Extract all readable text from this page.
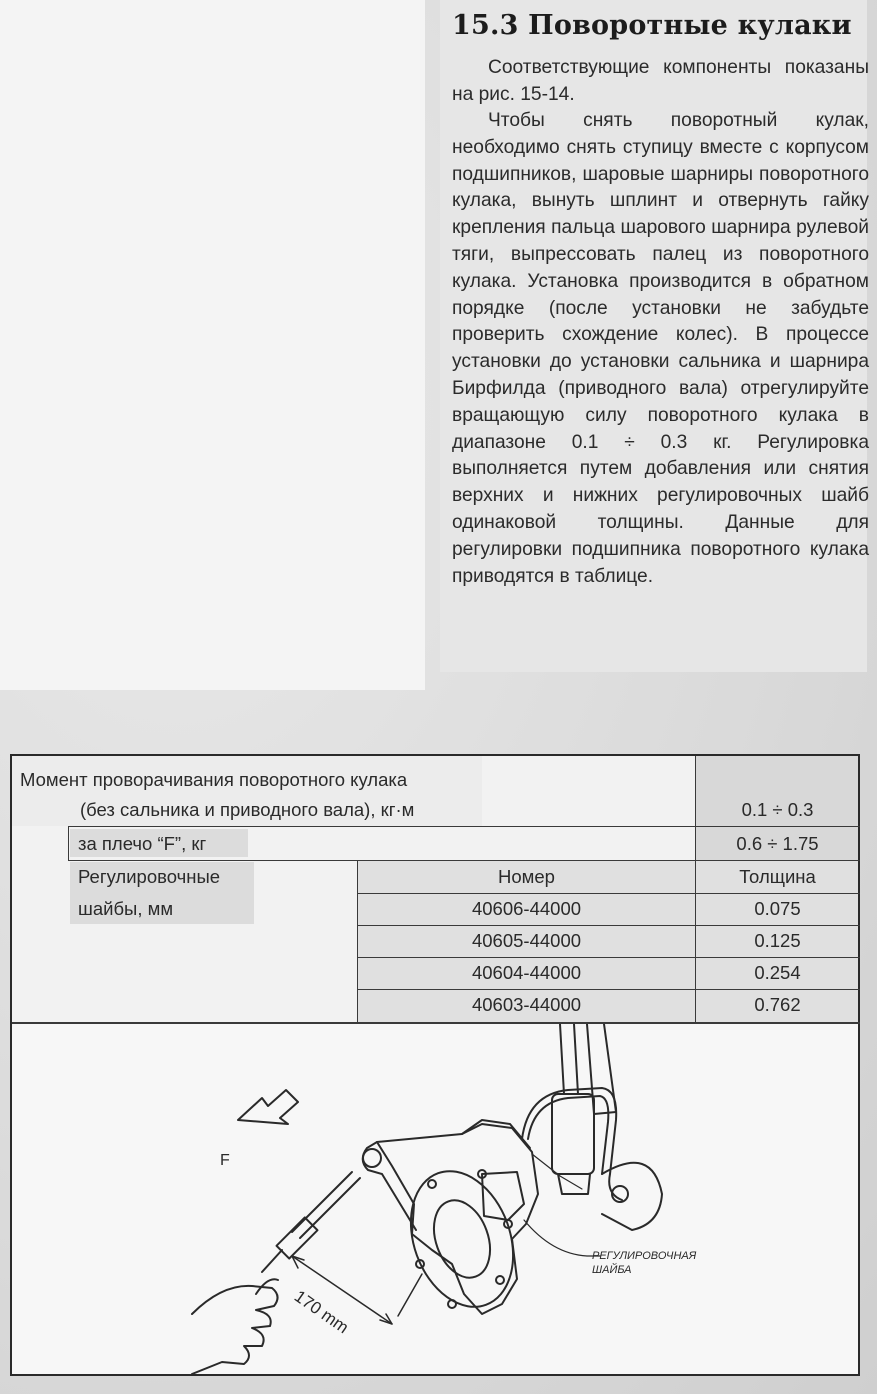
15.3 Поворотные кулаки

Соответствующие компоненты показаны на рис. 15-14.

Чтобы снять поворотный кулак, необходимо снять ступицу вместе с корпусом подшипников, шаровые шарниры поворотного кулака, вынуть шплинт и отвернуть гайку крепления пальца шарового шарнира рулевой тяги, выпрессовать палец из поворотного кулака. Установка производится в обратном порядке (после установки не забудьте проверить схождение колес). В процессе установки до установки сальника и шарнира Бирфилда (приводного вала) отрегулируйте вращающую силу поворотного кулака в диапазоне 0.1 ÷ 0.3 кг. Регулировка выполняется путем добавления или снятия верхних и нижних регулировочных шайб одинаковой толщины. Данные для регулировки подшипника поворотного кулака приводятся в таблице.

Момент проворачивания поворотного кулака
(без сальника и приводного вала), кг·м	0.1 ÷ 0.3
за плечо “F”, кг	0.6 ÷ 1.75
Регулировочные
шайбы, мм
Номер	Толщина
40606-44000	0.075
40605-44000	0.125
40604-44000	0.254
40603-44000	0.762
F
170 mm
РЕГУЛИРОВОЧНАЯ
ШАЙБА
